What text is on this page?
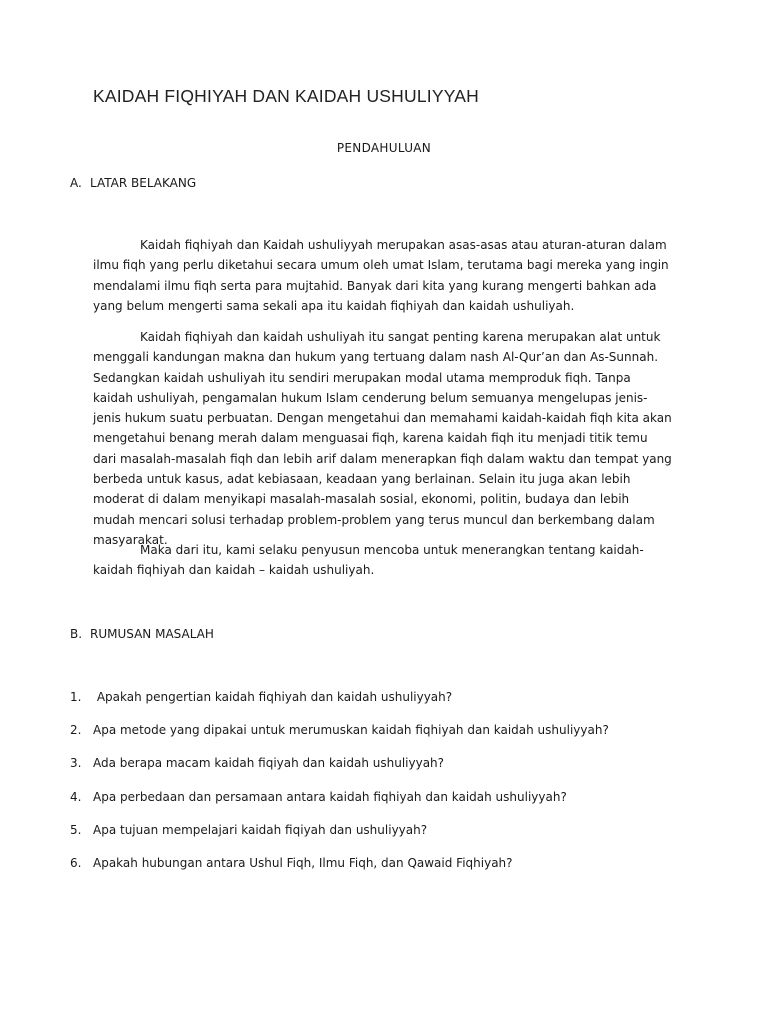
KAIDAH FIQHIYAH DAN KAIDAH USHULIYYAH
PENDAHULUAN
A. LATAR BELAKANG

Kaidah fiqhiyah dan Kaidah ushuliyyah merupakan asas-asas atau aturan-aturan dalam ilmu fiqh yang perlu diketahui secara umum oleh umat Islam, terutama bagi mereka yang ingin mendalami ilmu fiqh serta para mujtahid. Banyak dari kita yang kurang mengerti bahkan ada yang belum mengerti sama sekali apa itu kaidah fiqhiyah dan kaidah ushuliyah.

Kaidah fiqhiyah dan kaidah ushuliyah itu sangat penting karena merupakan alat untuk menggali kandungan makna dan hukum yang tertuang dalam nash Al-Qur’an dan As-Sunnah. Sedangkan kaidah ushuliyah itu sendiri merupakan modal utama memproduk fiqh. Tanpa kaidah ushuliyah, pengamalan hukum Islam cenderung belum semuanya mengelupas jenis-jenis hukum suatu perbuatan. Dengan mengetahui dan memahami kaidah-kaidah fiqh kita akan mengetahui benang merah dalam menguasai fiqh, karena kaidah fiqh itu menjadi titik temu dari masalah-masalah fiqh dan lebih arif dalam menerapkan fiqh dalam waktu dan tempat yang berbeda untuk kasus, adat kebiasaan, keadaan yang berlainan. Selain itu juga akan lebih moderat di dalam menyikapi masalah-masalah sosial, ekonomi, politin, budaya dan lebih mudah mencari solusi terhadap problem-problem yang terus muncul dan berkembang dalam masyarakat.

Maka dari itu, kami selaku penyusun mencoba untuk menerangkan tentang kaidah-kaidah fiqhiyah dan kaidah – kaidah ushuliyah.

B. RUMUSAN MASALAH
1. Apakah pengertian kaidah fiqhiyah dan kaidah ushuliyyah?
2. Apa metode yang dipakai untuk merumuskan kaidah fiqhiyah dan kaidah ushuliyyah?
3. Ada berapa macam kaidah fiqiyah dan kaidah ushuliyyah?
4. Apa perbedaan dan persamaan antara kaidah fiqhiyah dan kaidah ushuliyyah?
5. Apa tujuan mempelajari kaidah fiqiyah dan ushuliyyah?
6. Apakah hubungan antara Ushul Fiqh, Ilmu Fiqh, dan Qawaid Fiqhiyah?
